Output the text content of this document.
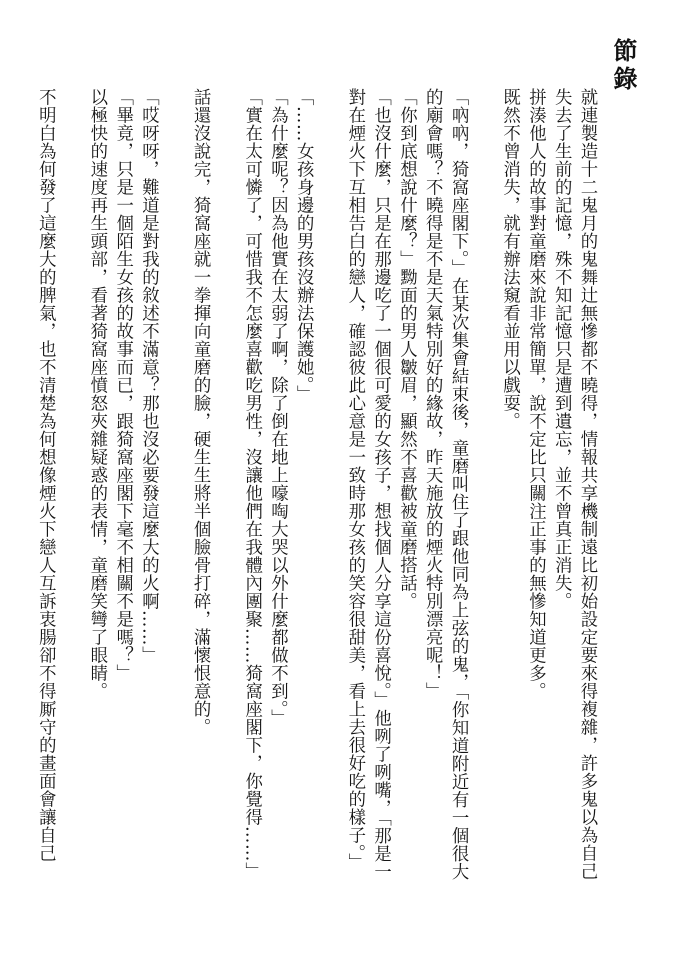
節錄

就連製造十二鬼月的鬼舞辻無慘都不曉得，情報共享機制遠比初始設定要來得複雜，許多鬼以為自己失去了生前的記憶，殊不知記憶只是遭到遺忘，並不曾真正消失。

拼湊他人的故事對童磨來說非常簡單，說不定比只關注正事的無慘知道更多。

既然不曾消失，就有辦法窺看並用以戲耍。

「吶吶，猗窩座閣下。」在某次集會結束後，童磨叫住了跟他同為上弦的鬼，「你知道附近有一個很大的廟會嗎？不曉得是不是天氣特別好的緣故，昨天施放的煙火特別漂亮呢！」

「你到底想說什麼？」黝面的男人皺眉，顯然不喜歡被童磨搭話。

「也沒什麼，只是在那邊吃了一個很可愛的女孩子，想找個人分享這份喜悅。」他咧了咧嘴，「那是一對在煙火下互相告白的戀人，確認彼此心意是一致時那女孩的笑容很甜美，看上去很好吃的樣子。」

「……女孩身邊的男孩沒辦法保護她。」

「為什麼呢？因為他實在太弱了啊，除了倒在地上嚎啕大哭以外什麼都做不到。」

「實在太可憐了，可惜我不怎麼喜歡吃男性，沒讓他們在我體內團聚……猗窩座閣下，你覺得……」

話還沒說完，猗窩座就一拳揮向童磨的臉，硬生生將半個臉骨打碎，滿懷恨意的。

「哎呀呀，難道是對我的敘述不滿意？那也沒必要發這麼大的火啊……」

「畢竟，只是一個陌生女孩的故事而已，跟猗窩座閣下毫不相關不是嗎？」

以極快的速度再生頭部，看著猗窩座憤怒夾雜疑惑的表情，童磨笑彎了眼睛。

不明白為何發了這麼大的脾氣，也不清楚為何想像煙火下戀人互訴衷腸卻不得厮守的畫面會讓自己
